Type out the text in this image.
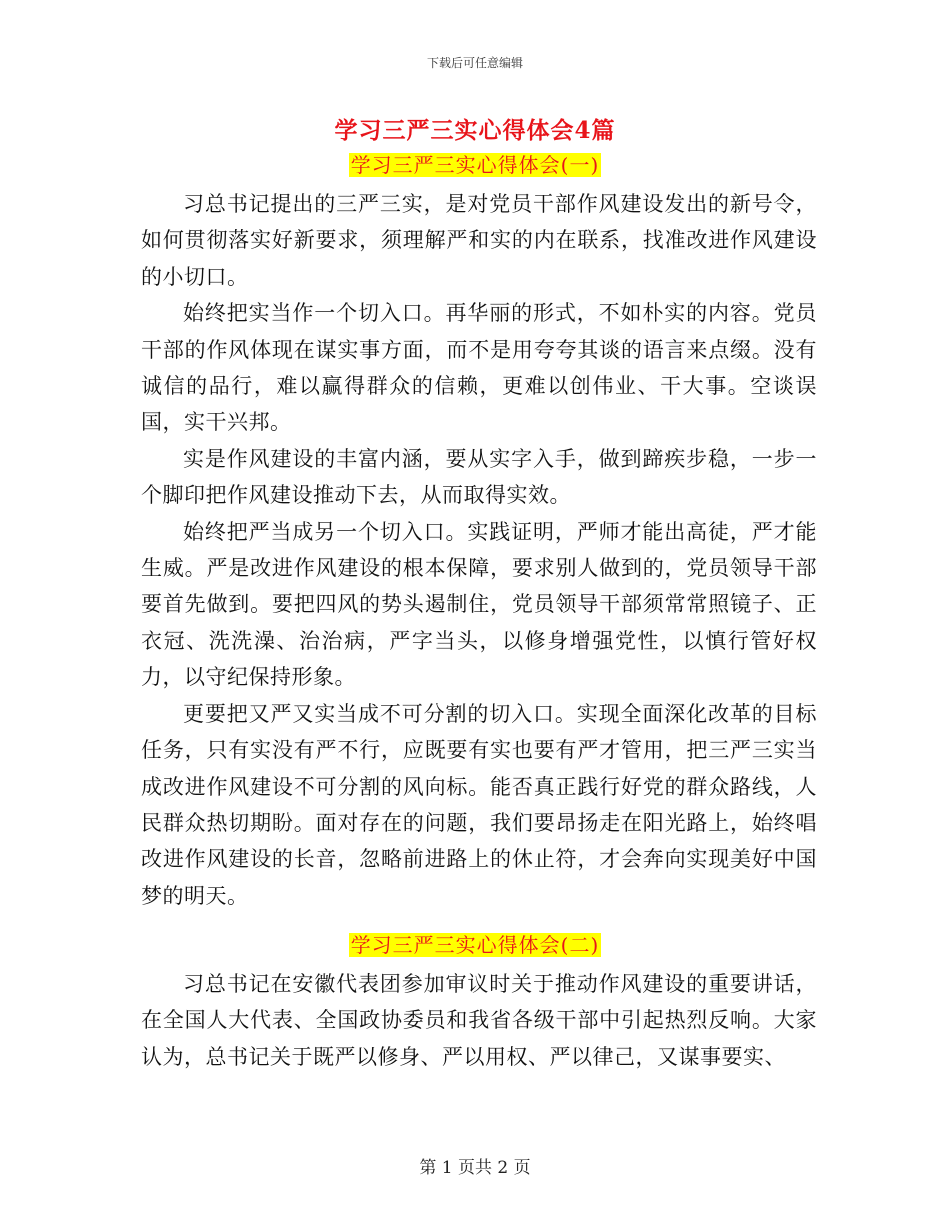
下载后可任意编辑
学习三严三实心得体会4篇
学习三严三实心得体会(一)

习总书记提出的三严三实，是对党员干部作风建设发出的新号令，如何贯彻落实好新要求，须理解严和实的内在联系，找准改进作风建设的小切口。

始终把实当作一个切入口。再华丽的形式，不如朴实的内容。党员干部的作风体现在谋实事方面，而不是用夸夸其谈的语言来点缀。没有诚信的品行，难以赢得群众的信赖，更难以创伟业、干大事。空谈误国，实干兴邦。

实是作风建设的丰富内涵，要从实字入手，做到蹄疾步稳，一步一个脚印把作风建设推动下去，从而取得实效。

始终把严当成另一个切入口。实践证明，严师才能出高徒，严才能生威。严是改进作风建设的根本保障，要求别人做到的，党员领导干部要首先做到。要把四风的势头遏制住，党员领导干部须常常照镜子、正衣冠、洗洗澡、治治病，严字当头，以修身增强党性，以慎行管好权力，以守纪保持形象。

更要把又严又实当成不可分割的切入口。实现全面深化改革的目标任务，只有实没有严不行，应既要有实也要有严才管用，把三严三实当成改进作风建设不可分割的风向标。能否真正践行好党的群众路线，人民群众热切期盼。面对存在的问题，我们要昂扬走在阳光路上，始终唱改进作风建设的长音，忽略前进路上的休止符，才会奔向实现美好中国梦的明天。

学习三严三实心得体会(二)

习总书记在安徽代表团参加审议时关于推动作风建设的重要讲话，在全国人大代表、全国政协委员和我省各级干部中引起热烈反响。大家认为，总书记关于既严以修身、严以用权、严以律己，又谋事要实、

第 1 页共 2 页
